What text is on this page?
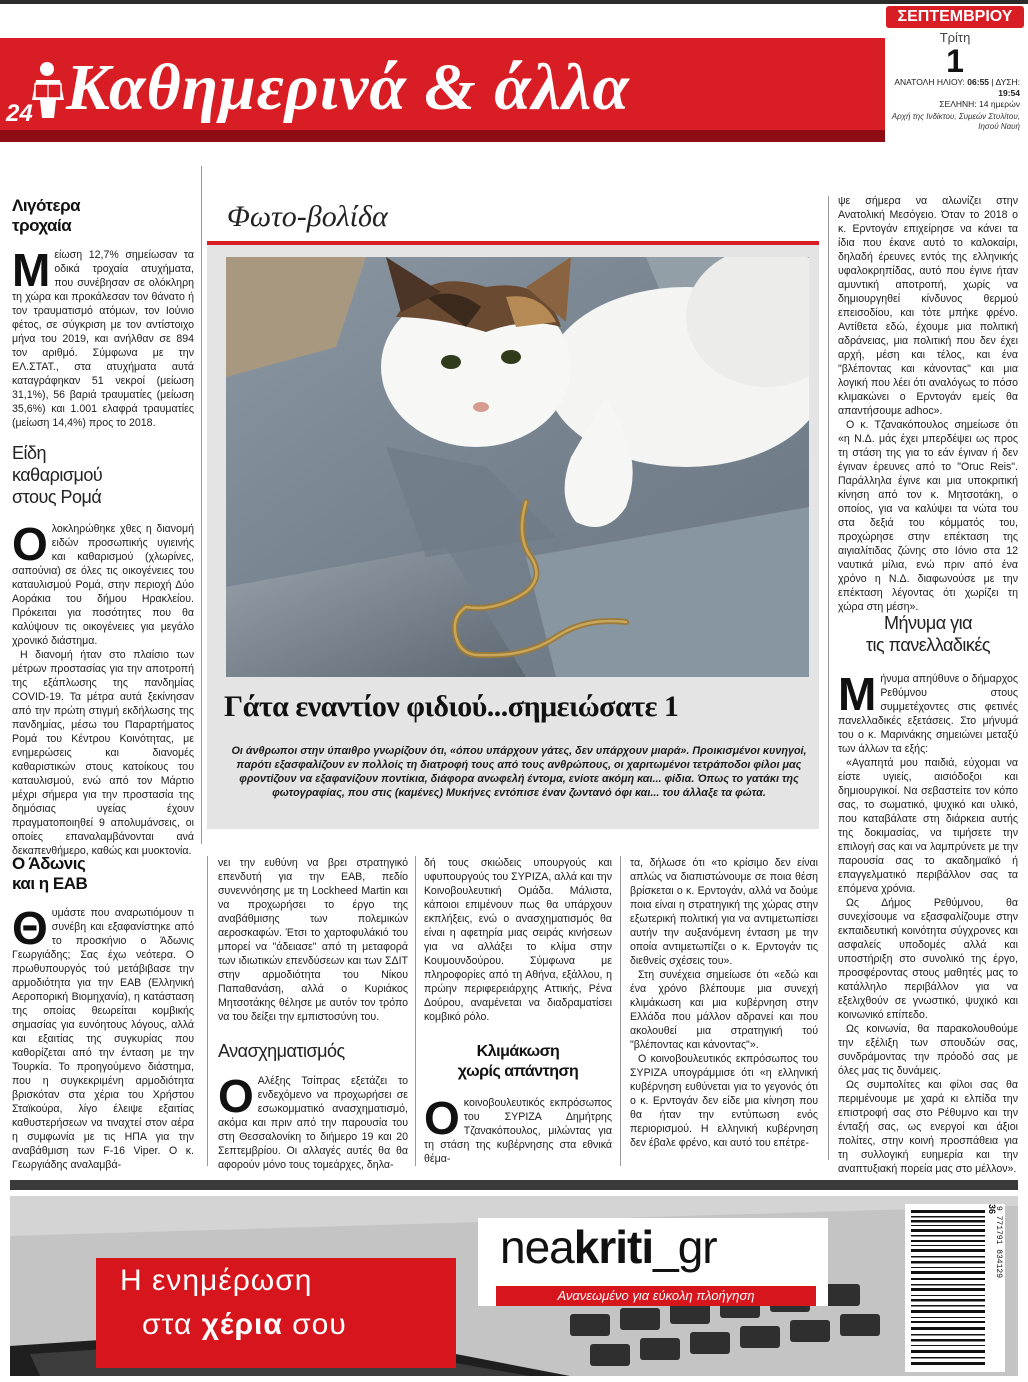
24 Καθημερινά & άλλα
ΣΕΠΤΕΜΒΡΙΟΥ
Τρίτη
1
ΑΝΑΤΟΛΗ ΗΛΙΟΥ: 06:55 | ΔΥΣΗ: 19:54
ΣΕΛΗΝΗ: 14 ημερών
Αρχή της Ινδίκτου, Συμεών Στυλίτου,
Ιησού Ναυή
Λιγότερα
τροχαία

Μείωση 12,7% σημείωσαν τα οδικά τροχαία ατυχήματα, που συνέβησαν σε ολόκληρη τη χώρα και προκάλεσαν τον θάνατο ή τον τραυματισμό ατόμων, τον Ιούνιο φέτος, σε σύγκριση με τον αντίστοιχο μήνα του 2019, και ανήλθαν σε 894 τον αριθμό. Σύμφωνα με την ΕΛ.ΣΤΑΤ., στα ατυχήματα αυτά καταγράφηκαν 51 νεκροί (μείωση 31,1%), 56 βαριά τραυματίες (μείωση 35,6%) και 1.001 ελαφρά τραυματίες (μείωση 14,4%) προς το 2018.

Είδη
καθαρισμού
στους Ρομά

Ολοκληρώθηκε χθες η διανομή ειδών προσωπικής υγιεινής και καθαρισμού (χλωρίνες, σαπούνια) σε όλες τις οικογένειες του καταυλισμού Ρομά, στην περιοχή Δύο Αοράκια του δήμου Ηρακλείου. Πρόκειται για ποσότητες που θα καλύψουν τις οικογένειες για μεγάλο χρονικό διάστημα.

Η διανομή ήταν στο πλαίσιο των μέτρων προστασίας για την αποτροπή της εξάπλωσης της πανδημίας COVID-19. Τα μέτρα αυτά ξεκίνησαν από την πρώτη στιγμή εκδήλωσης της πανδημίας, μέσω του Παραρτήματος Ρομά του Κέντρου Κοινότητας, με ενημερώσεις και διανομές καθαριστικών στους κατοίκους του καταυλισμού, ενώ από τον Μάρτιο μέχρι σήμερα για την προστασία της δημόσιας υγείας έχουν πραγματοποιηθεί 9 απολυμάνσεις, οι οποίες επαναλαμβάνονται ανά δεκαπενθήμερο, καθώς και μυοκτονία.

Φωτο-βολίδα
Γάτα εναντίον φιδιού...σημειώσατε 1
Οι άνθρωποι στην ύπαιθρο γνωρίζουν ότι, «όπου υπάρχουν γάτες, δεν υπάρχουν μιαρά». Προικισμένοι κυνηγοί, παρότι εξασφαλίζουν εν πολλοίς τη διατροφή τους από τους ανθρώπους, οι χαριτωμένοι τετράποδοι φίλοι μας φροντίζουν να εξαφανίζουν ποντίκια, διάφορα ανωφελή έντομα, ενίοτε ακόμη και... φίδια. Όπως το γατάκι της φωτογραφίας, που στις (καμένες) Μυκήνες εντόπισε έναν ζωντανό όφι και... του άλλαξε τα φώτα.

ψε σήμερα να αλωνίζει στην Ανατολική Μεσόγειο. Όταν το 2018 ο κ. Ερντογάν επιχείρησε να κάνει τα ίδια που έκανε αυτό το καλοκαίρι, δηλαδή έρευνες εντός της ελληνικής υφαλοκρηπίδας, αυτό που έγινε ήταν αμυντική αποτροπή, χωρίς να δημιουργηθεί κίνδυνος θερμού επεισοδίου, και τότε μπήκε φρένο. Αντίθετα εδώ, έχουμε μια πολιτική αδράνειας, μια πολιτική που δεν έχει αρχή, μέση και τέλος, και ένα "βλέποντας και κάνοντας" και μια λογική που λέει ότι αναλόγως το πόσο κλιμακώνει ο Ερντογάν εμείς θα απαντήσουμε adhoc».

Ο κ. Τζανακόπουλος σημείωσε ότι «η Ν.Δ. μάς έχει μπερδέψει ως προς τη στάση της για το εάν έγιναν ή δεν έγιναν έρευνες από το "Oruc Reis". Παράλληλα έγινε και μια υποκριτική κίνηση από τον κ. Μητσοτάκη, ο οποίος, για να καλύψει τα νώτα του στα δεξιά του κόμματός του, προχώρησε στην επέκταση της αιγιαλίτιδας ζώνης στο Ιόνιο στα 12 ναυτικά μίλια, ενώ πριν από ένα χρόνο η Ν.Δ. διαφωνούσε με την επέκταση λέγοντας ότι χωρίζει τη χώρα στη μέση».

Μήνυμα για
τις πανελλαδικές

Μήνυμα απηύθυνε ο δήμαρχος Ρεθύμνου στους συμμετέχοντες στις φετινές πανελλαδικές εξετάσεις. Στο μήνυμά του ο κ. Μαρινάκης σημειώνει μεταξύ των άλλων τα εξής:

«Αγαπητά μου παιδιά, εύχομαι να είστε υγιείς, αισιόδοξοι και δημιουργικοί. Να σεβαστείτε τον κόπο σας, το σωματικό, ψυχικό και υλικό, που καταβάλατε στη διάρκεια αυτής της δοκιμασίας, να τιμήσετε την επιλογή σας και να λαμπρύνετε με την παρουσία σας το ακαδημαϊκό ή επαγγελματικό περιβάλλον σας τα επόμενα χρόνια.

Ως Δήμος Ρεθύμνου, θα συνεχίσουμε να εξασφαλίζουμε στην εκπαιδευτική κοινότητα σύγχρονες και ασφαλείς υποδομές αλλά και υποστήριξη στο συνολικό της έργο, προσφέροντας στους μαθητές μας το κατάλληλο περιβάλλον για να εξελιχθούν σε γνωστικό, ψυχικό και κοινωνικό επίπεδο.

Ως κοινωνία, θα παρακολουθούμε την εξέλιξη των σπουδών σας, συνδράμοντας την πρόοδό σας με όλες μας τις δυνάμεις.

Ως συμπολίτες και φίλοι σας θα περιμένουμε με χαρά κι ελπίδα την επιστροφή σας στο Ρέθυμνο και την ένταξή σας, ως ενεργοί και άξιοι πολίτες, στην κοινή προσπάθεια για τη συλλογική ευημερία και την αναπτυξιακή πορεία μας στο μέλλον».

Ο Άδωνις
και η ΕΑΒ

Θυμάστε που αναρωτιόμουν τι συνέβη και εξαφανίστηκε από το προσκήνιο ο Άδωνις Γεωργιάδης; Σας έχω νεότερα. Ο πρωθυπουργός τού μετάβιβασε την αρμοδιότητα για την ΕΑΒ (Ελληνική Αεροπορική Βιομηχανία), η κατάσταση της οποίας θεωρείται κομβικής σημασίας για ευνόητους λόγους, αλλά και εξαιτίας της συγκυρίας που καθορίζεται από την ένταση με την Τουρκία. Το προηγούμενο διάστημα, που η συγκεκριμένη αρμοδιότητα βρισκόταν στα χέρια του Χρήστου Σταϊκούρα, λίγο έλειψε εξαιτίας καθυστερήσεων να τιναχτεί στον αέρα η συμφωνία με τις ΗΠΑ για την αναβάθμιση των F-16 Viper. Ο κ. Γεωργιάδης αναλαμβά-

νει την ευθύνη να βρει στρατηγικό επενδυτή για την ΕΑΒ, πεδίο συνεννόησης με τη Lockheed Martin και να προχωρήσει το έργο της αναβάθμισης των πολεμικών αεροσκαφών. Έτσι το χαρτοφυλάκιό του μπορεί να "άδειασε" από τη μεταφορά των ιδιωτικών επενδύσεων και των ΣΔΙΤ στην αρμοδιότητα του Νίκου Παπαθανάση, αλλά ο Κυριάκος Μητσοτάκης θέλησε με αυτόν τον τρόπο να του δείξει την εμπιστοσύνη του.

Ανασχηματισμός

Ο Αλέξης Τσίπρας εξετάζει το ενδεχόμενο να προχωρήσει σε εσωκομματικό ανασχηματισμό, ακόμα και πριν από την παρουσία του στη Θεσσαλονίκη το διήμερο 19 και 20 Σεπτεμβρίου. Οι αλλαγές αυτές θα θα αφορούν μόνο τους τομεάρχες, δηλα-

δή τους σκιώδεις υπουργούς και υφυπουργούς του ΣΥΡΙΖΑ, αλλά και την Κοινοβουλευτική Ομάδα. Μάλιστα, κάποιοι επιμένουν πως θα υπάρχουν εκπλήξεις, ενώ ο ανασχηματισμός θα είναι η αφετηρία μιας σειράς κινήσεων για να αλλάξει το κλίμα στην Κουμουνδούρου. Σύμφωνα με πληροφορίες από τη Αθήνα, εξάλλου, η πρώην περιφερειάρχης Αττικής, Ρένα Δούρου, αναμένεται να διαδραματίσει κομβικό ρόλο.

Κλιμάκωση
χωρίς απάντηση

Οκοινοβουλευτικός εκπρόσωπος του ΣΥΡΙΖΑ Δημήτρης Τζανακόπουλος, μιλώντας για τη στάση της κυβέρνησης στα εθνικά θέμα-

τα, δήλωσε ότι «το κρίσιμο δεν είναι απλώς να διαπιστώνουμε σε ποια θέση βρίσκεται ο κ. Ερντογάν, αλλά να δούμε ποια είναι η στρατηγική της χώρας στην εξωτερική πολιτική για να αντιμετωπίσει αυτήν την αυξανόμενη ένταση με την οποία αντιμετωπίζει ο κ. Ερντογάν τις διεθνείς σχέσεις του».

Στη συνέχεια σημείωσε ότι «εδώ και ένα χρόνο βλέπουμε μια συνεχή κλιμάκωση και μια κυβέρνηση στην Ελλάδα που μάλλον αδρανεί και που ακολουθεί μια στρατηγική τού "βλέποντας και κάνοντας"».

Ο κοινοβουλευτικός εκπρόσωπος του ΣΥΡΙΖΑ υπογράμμισε ότι «η ελληνική κυβέρνηση ευθύνεται για το γεγονός ότι ο κ. Ερντογάν δεν είδε μια κίνηση που θα ήταν την εντύπωση ενός περιορισμού. Η ελληνική κυβέρνηση δεν έβαλε φρένο, και αυτό του επέτρε-

Η ενημέρωση
στα χέρια σου
neakriti_gr
Ανανεωμένο για εύκολη πλοήγηση
9 771791 834129
36
